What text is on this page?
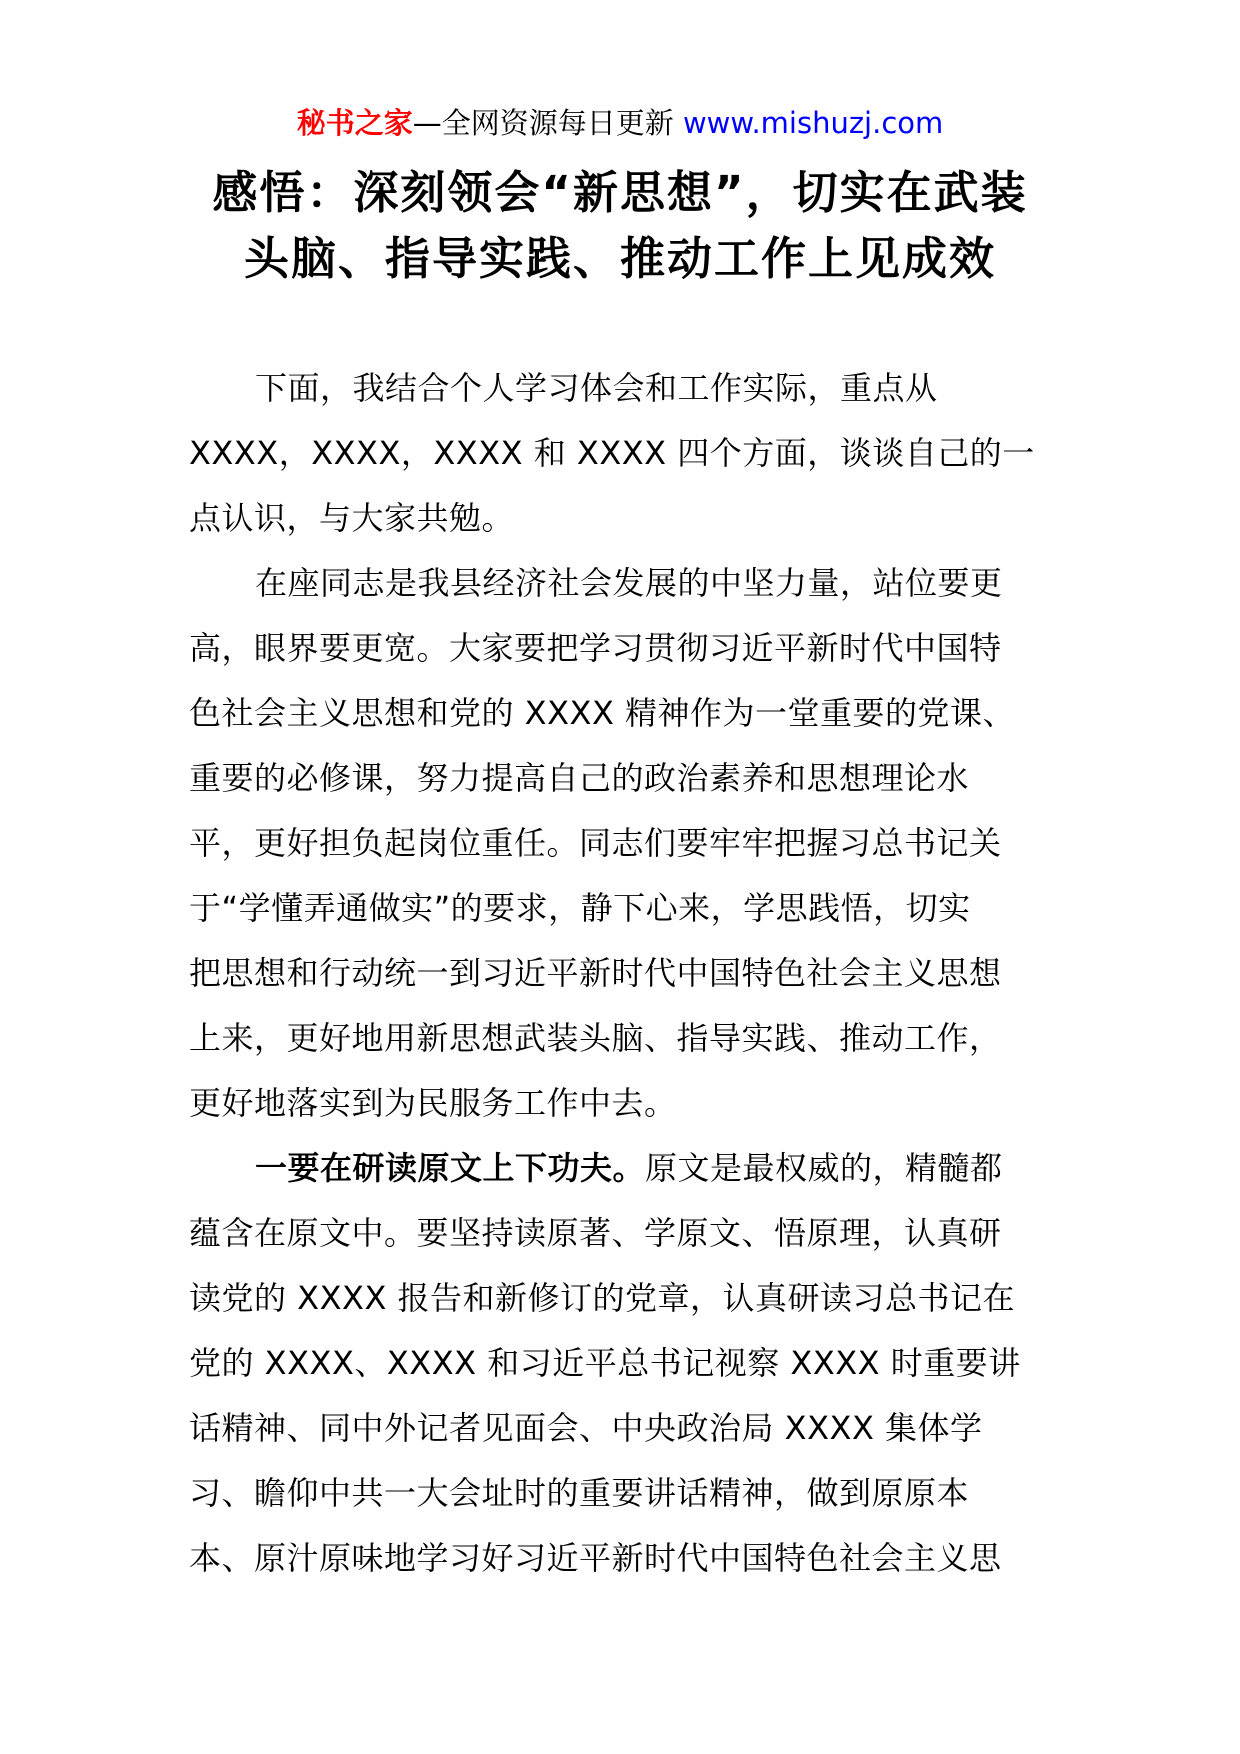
秘书之家—全网资源每日更新 www.mishuzj.com
感悟：深刻领会“新思想”，切实在武装
头脑、指导实践、推动工作上见成效

下面，我结合个人学习体会和工作实际，重点从
XXXX，XXXX，XXXX 和 XXXX 四个方面，谈谈自己的一
点认识，与大家共勉。

在座同志是我县经济社会发展的中坚力量，站位要更
高，眼界要更宽。大家要把学习贯彻习近平新时代中国特
色社会主义思想和党的 XXXX 精神作为一堂重要的党课、
重要的必修课，努力提高自己的政治素养和思想理论水
平，更好担负起岗位重任。同志们要牢牢把握习总书记关
于“学懂弄通做实”的要求，静下心来，学思践悟，切实
把思想和行动统一到习近平新时代中国特色社会主义思想
上来，更好地用新思想武装头脑、指导实践、推动工作，
更好地落实到为民服务工作中去。

一要在研读原文上下功夫。原文是最权威的，精髓都
蕴含在原文中。要坚持读原著、学原文、悟原理，认真研
读党的 XXXX 报告和新修订的党章，认真研读习总书记在
党的 XXXX、XXXX 和习近平总书记视察 XXXX 时重要讲
话精神、同中外记者见面会、中央政治局 XXXX 集体学
习、瞻仰中共一大会址时的重要讲话精神，做到原原本
本、原汁原味地学习好习近平新时代中国特色社会主义思
